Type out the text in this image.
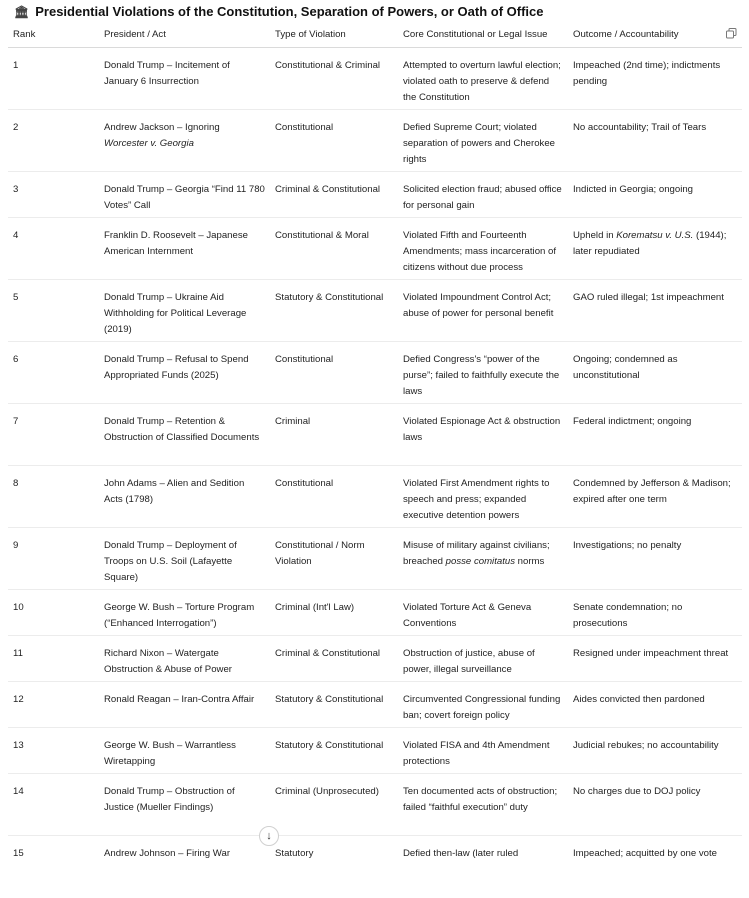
🏛 Presidential Violations of the Constitution, Separation of Powers, or Oath of Office
Rank	President / Act	Type of Violation	Core Constitutional or Legal Issue	Outcome / Accountability
1	Donald Trump – Incitement of January 6 Insurrection	Constitutional & Criminal	Attempted to overturn lawful election; violated oath to preserve & defend the Constitution	Impeached (2nd time); indictments pending
2	Andrew Jackson – Ignoring Worcester v. Georgia	Constitutional	Defied Supreme Court; violated separation of powers and Cherokee rights	No accountability; Trail of Tears
3	Donald Trump – Georgia “Find 11 780 Votes” Call	Criminal & Constitutional	Solicited election fraud; abused office for personal gain	Indicted in Georgia; ongoing
4	Franklin D. Roosevelt – Japanese American Internment	Constitutional & Moral	Violated Fifth and Fourteenth Amendments; mass incarceration of citizens without due process	Upheld in Korematsu v. U.S. (1944); later repudiated
5	Donald Trump – Ukraine Aid Withholding for Political Leverage (2019)	Statutory & Constitutional	Violated Impoundment Control Act; abuse of power for personal benefit	GAO ruled illegal; 1st impeachment
6	Donald Trump – Refusal to Spend Appropriated Funds (2025)	Constitutional	Defied Congress's “power of the purse”; failed to faithfully execute the laws	Ongoing; condemned as unconstitutional
7	Donald Trump – Retention & Obstruction of Classified Documents	Criminal	Violated Espionage Act & obstruction laws	Federal indictment; ongoing
8	John Adams – Alien and Sedition Acts (1798)	Constitutional	Violated First Amendment rights to speech and press; expanded executive detention powers	Condemned by Jefferson & Madison; expired after one term
9	Donald Trump – Deployment of Troops on U.S. Soil (Lafayette Square)	Constitutional / Norm Violation	Misuse of military against civilians; breached posse comitatus norms	Investigations; no penalty
10	George W. Bush – Torture Program (“Enhanced Interrogation”)	Criminal (Int'l Law)	Violated Torture Act & Geneva Conventions	Senate condemnation; no prosecutions
11	Richard Nixon – Watergate Obstruction & Abuse of Power	Criminal & Constitutional	Obstruction of justice, abuse of power, illegal surveillance	Resigned under impeachment threat
12	Ronald Reagan – Iran-Contra Affair	Statutory & Constitutional	Circumvented Congressional funding ban; covert foreign policy	Aides convicted then pardoned
13	George W. Bush – Warrantless Wiretapping	Statutory & Constitutional	Violated FISA and 4th Amendment protections	Judicial rebukes; no accountability
14	Donald Trump – Obstruction of Justice (Mueller Findings)	Criminal (Unprosecuted)	Ten documented acts of obstruction; failed “faithful execution” duty	No charges due to DOJ policy
15	Andrew Johnson – Firing War	Statutory	Defied then-law (later ruled	Impeached; acquitted by one vote
↓
